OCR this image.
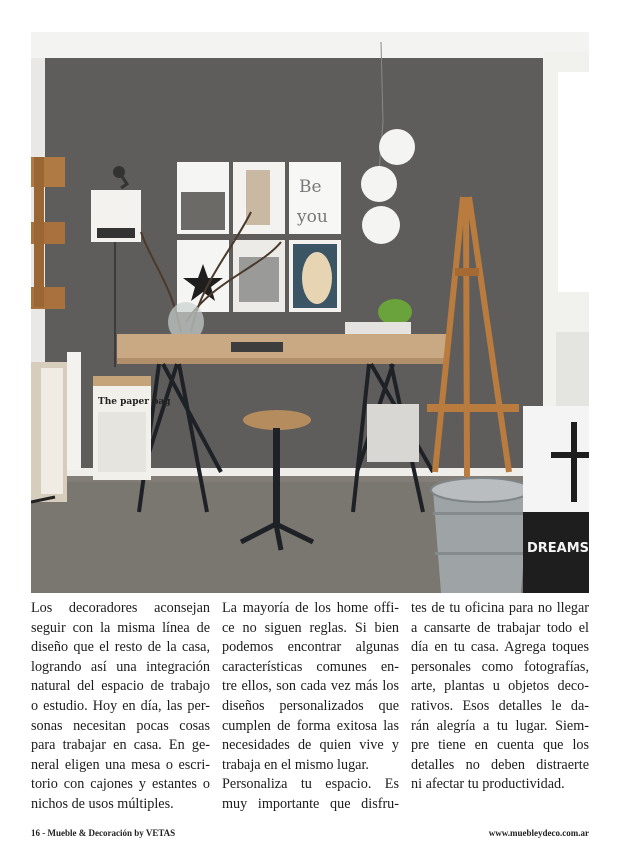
Be
you
The paper bag
DREAMS
Los decoradores aconsejan
seguir con la misma línea de
diseño que el resto de la casa,
logrando así una integración
natural del espacio de trabajo
o estudio. Hoy en día, las per-
sonas necesitan pocas cosas
para trabajar en casa. En ge-
neral eligen una mesa o escri-
torio con cajones y estantes o
nichos de usos múltiples.
La mayoría de los home offi-
ce no siguen reglas. Si bien
podemos encontrar algunas
características comunes en-
tre ellos, son cada vez más los
diseños personalizados que
cumplen de forma exitosa las
necesidades de quien vive y
trabaja en el mismo lugar.
Personaliza tu espacio. Es
muy importante que disfru-
tes de tu oficina para no llegar
a cansarte de trabajar todo el
día en tu casa. Agrega toques
personales como fotografías,
arte, plantas u objetos deco-
rativos. Esos detalles le da-
rán alegría a tu lugar. Siem-
pre tiene en cuenta que los
detalles no deben distraerte
ni afectar tu productividad.
16 - Mueble & Decoración by VETAS	www.muebleydeco.com.ar
